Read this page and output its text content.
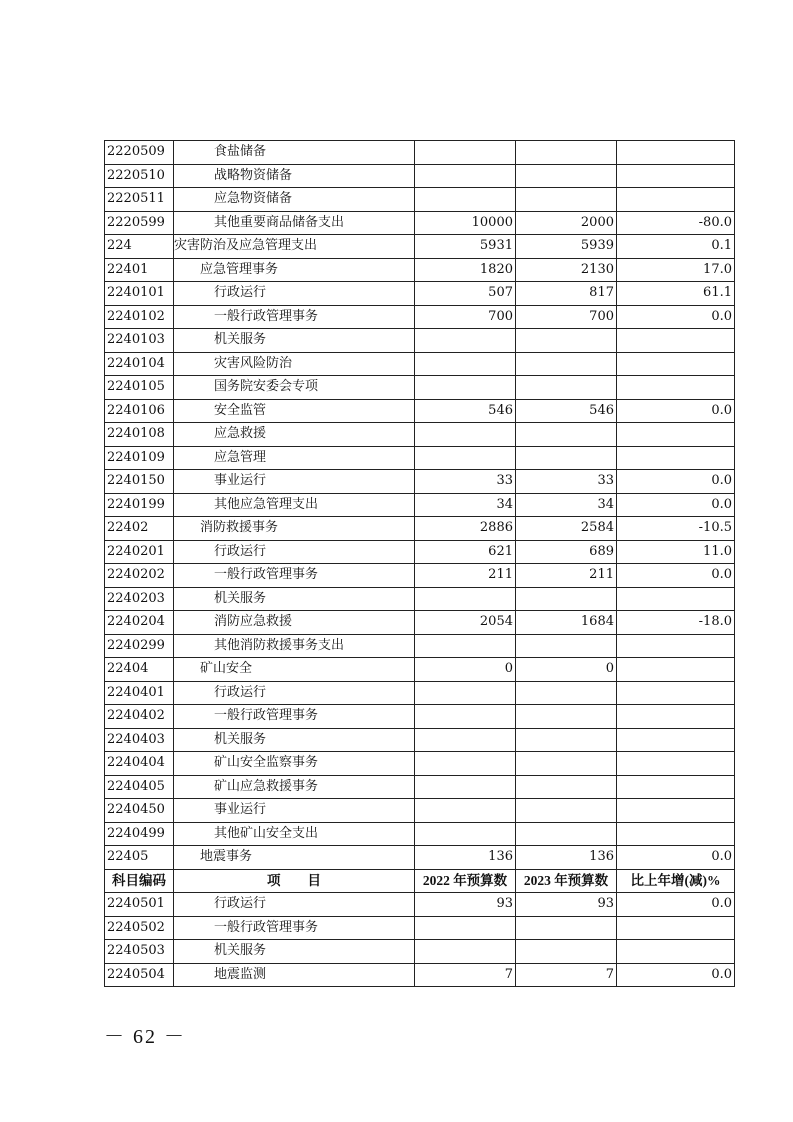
2220509	食盐储备			
2220510	战略物资储备			
2220511	应急物资储备			
2220599	其他重要商品储备支出	10000	2000	-80.0
224	灾害防治及应急管理支出	5931	5939	0.1
22401	应急管理事务	1820	2130	17.0
2240101	行政运行	507	817	61.1
2240102	一般行政管理事务	700	700	0.0
2240103	机关服务			
2240104	灾害风险防治			
2240105	国务院安委会专项			
2240106	安全监管	546	546	0.0
2240108	应急救援			
2240109	应急管理			
2240150	事业运行	33	33	0.0
2240199	其他应急管理支出	34	34	0.0
22402	消防救援事务	2886	2584	-10.5
2240201	行政运行	621	689	11.0
2240202	一般行政管理事务	211	211	0.0
2240203	机关服务			
2240204	消防应急救援	2054	1684	-18.0
2240299	其他消防救援事务支出			
22404	矿山安全	0	0	
2240401	行政运行			
2240402	一般行政管理事务			
2240403	机关服务			
2240404	矿山安全监察事务			
2240405	矿山应急救援事务			
2240450	事业运行			
2240499	其他矿山安全支出			
22405	地震事务	136	136	0.0
科目编码	项　　目	2022 年预算数	2023 年预算数	比上年增(减)%
2240501	行政运行	93	93	0.0
2240502	一般行政管理事务			
2240503	机关服务			
2240504	地震监测	7	7	0.0
－ 62 －
